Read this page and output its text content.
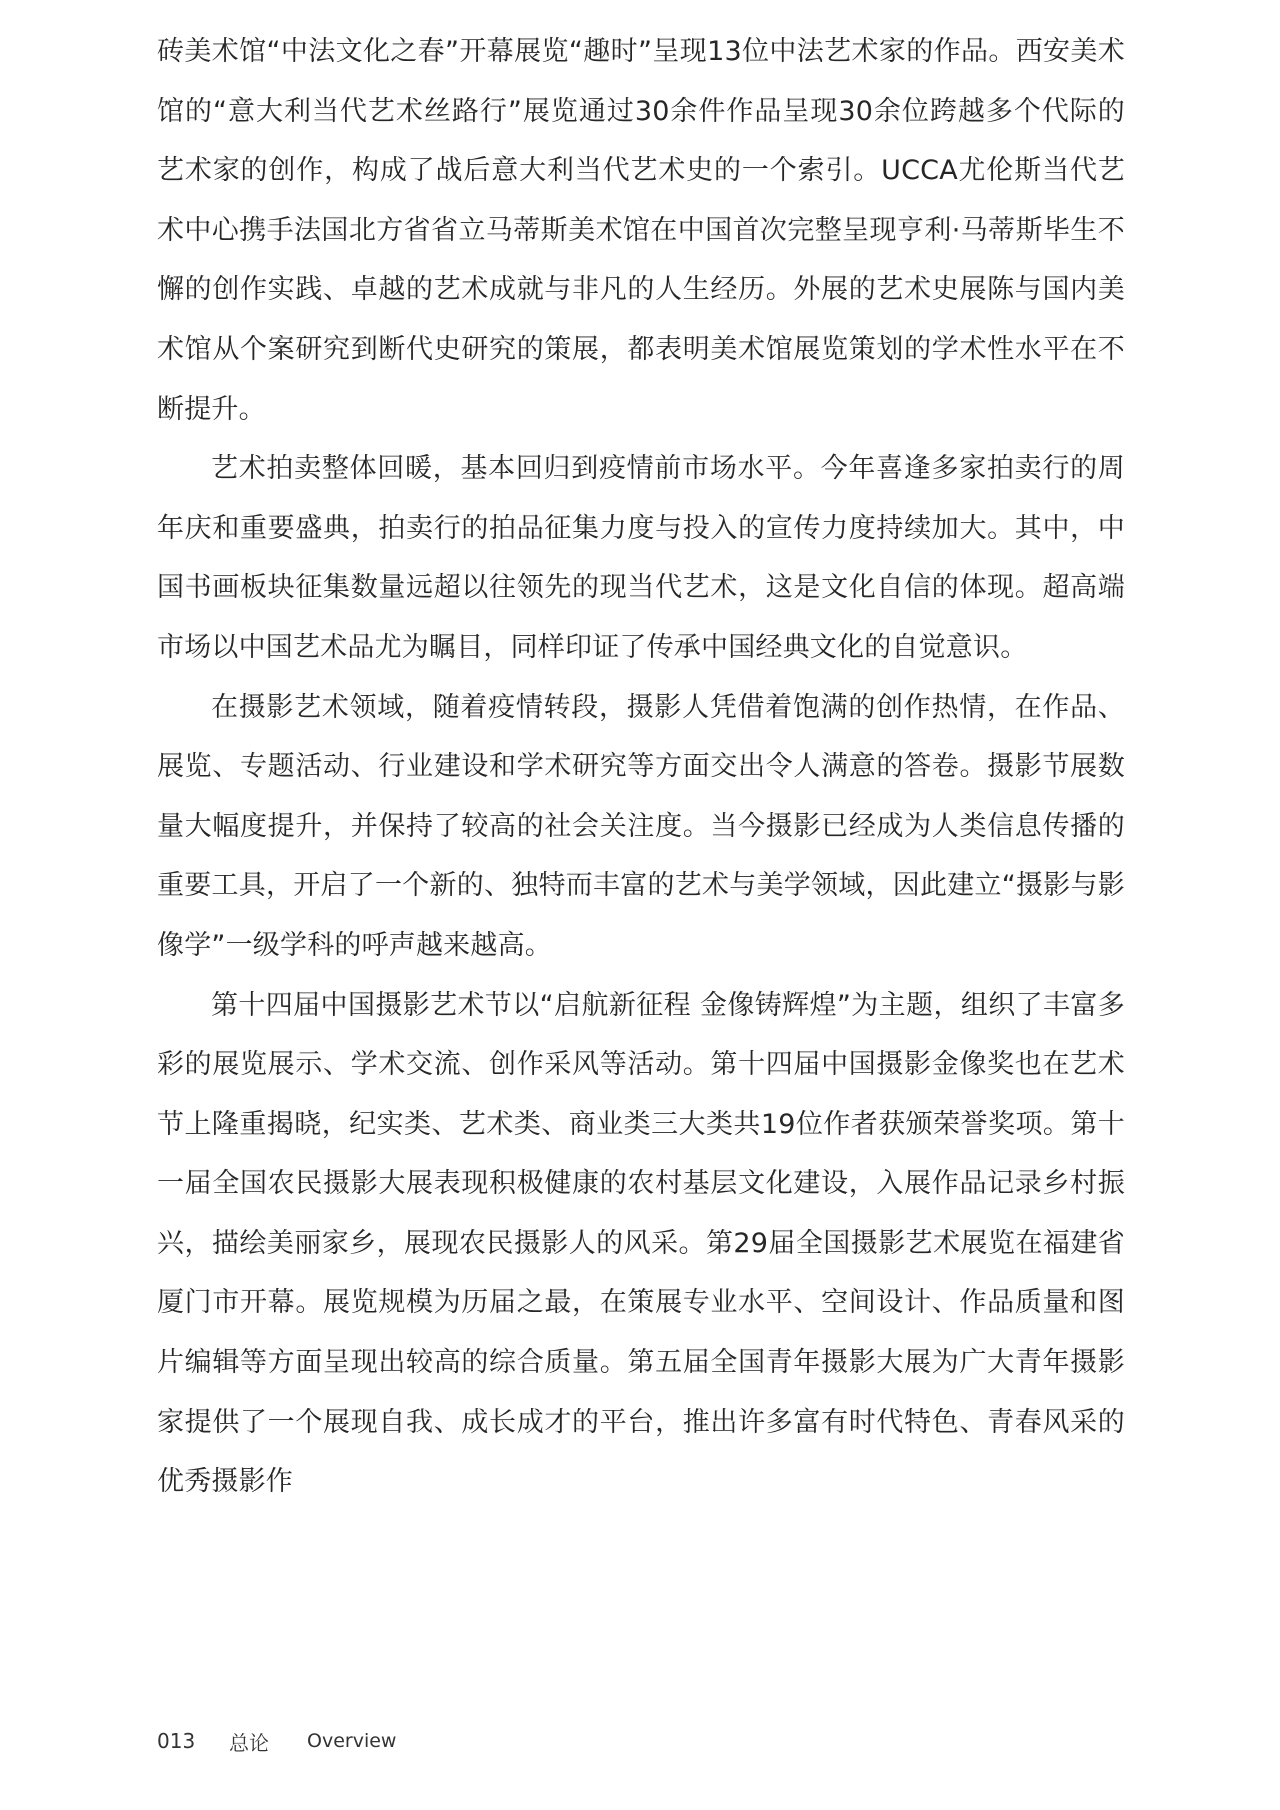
砖美术馆“中法文化之春”开幕展览“趣时”呈现13位中法艺术家的作品。西安美术馆的“意大利当代艺术丝路行”展览通过30余件作品呈现30余位跨越多个代际的艺术家的创作，构成了战后意大利当代艺术史的一个索引。UCCA尤伦斯当代艺术中心携手法国北方省省立马蒂斯美术馆在中国首次完整呈现亨利·马蒂斯毕生不懈的创作实践、卓越的艺术成就与非凡的人生经历。外展的艺术史展陈与国内美术馆从个案研究到断代史研究的策展，都表明美术馆展览策划的学术性水平在不断提升。

艺术拍卖整体回暖，基本回归到疫情前市场水平。今年喜逢多家拍卖行的周年庆和重要盛典，拍卖行的拍品征集力度与投入的宣传力度持续加大。其中，中国书画板块征集数量远超以往领先的现当代艺术，这是文化自信的体现。超高端市场以中国艺术品尤为瞩目，同样印证了传承中国经典文化的自觉意识。

在摄影艺术领域，随着疫情转段，摄影人凭借着饱满的创作热情，在作品、展览、专题活动、行业建设和学术研究等方面交出令人满意的答卷。摄影节展数量大幅度提升，并保持了较高的社会关注度。当今摄影已经成为人类信息传播的重要工具，开启了一个新的、独特而丰富的艺术与美学领域，因此建立“摄影与影像学”一级学科的呼声越来越高。

第十四届中国摄影艺术节以“启航新征程 金像铸辉煌”为主题，组织了丰富多彩的展览展示、学术交流、创作采风等活动。第十四届中国摄影金像奖也在艺术节上隆重揭晓，纪实类、艺术类、商业类三大类共19位作者获颁荣誉奖项。第十一届全国农民摄影大展表现积极健康的农村基层文化建设，入展作品记录乡村振兴，描绘美丽家乡，展现农民摄影人的风采。第29届全国摄影艺术展览在福建省厦门市开幕。展览规模为历届之最，在策展专业水平、空间设计、作品质量和图片编辑等方面呈现出较高的综合质量。第五届全国青年摄影大展为广大青年摄影家提供了一个展现自我、成长成才的平台，推出许多富有时代特色、青春风采的优秀摄影作

013	总论	Overview
